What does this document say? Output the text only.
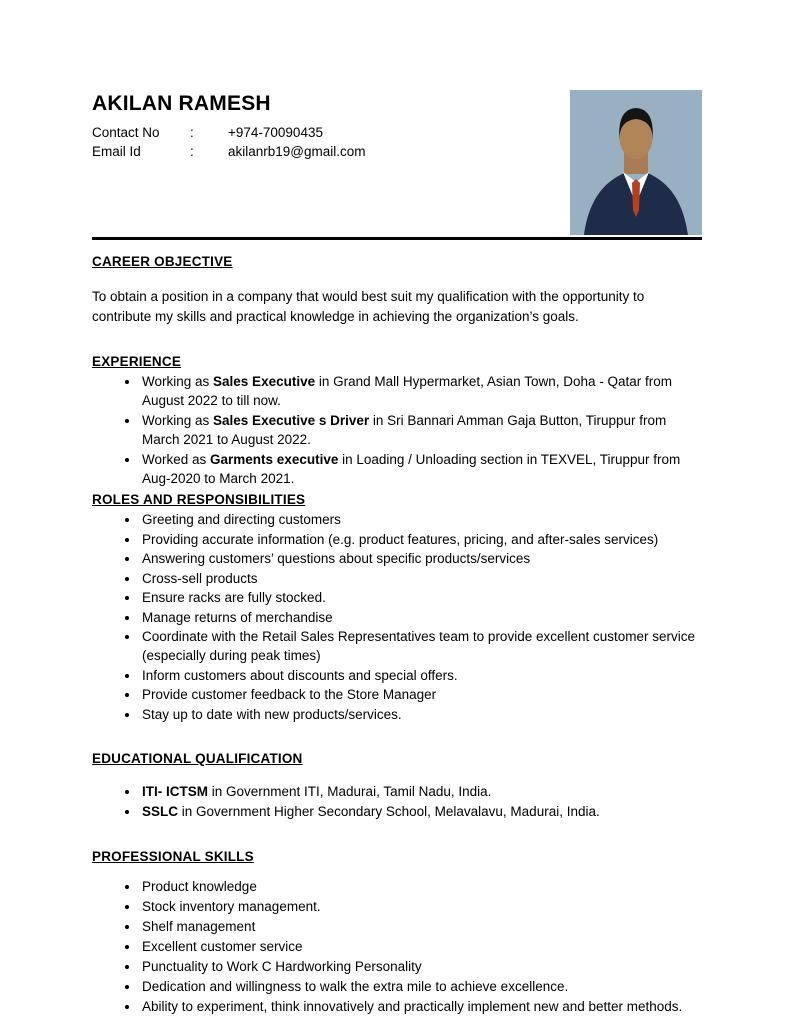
AKILAN RAMESH
Contact No	:	+974-70090435
Email Id	:	akilanrb19@gmail.com
CAREER OBJECTIVE

To obtain a position in a company that would best suit my qualification with the opportunity to contribute my skills and practical knowledge in achieving the organization’s goals.

EXPERIENCE
• Working as Sales Executive in Grand Mall Hypermarket, Asian Town, Doha - Qatar from August 2022 to till now.
• Working as Sales Executive s Driver in Sri Bannari Amman Gaja Button, Tiruppur from March 2021 to August 2022.
• Worked as Garments executive in Loading / Unloading section in TEXVEL, Tiruppur from Aug-2020 to March 2021.
ROLES AND RESPONSIBILITIES
• Greeting and directing customers
• Providing accurate information (e.g. product features, pricing, and after-sales services)
• Answering customers’ questions about specific products/services
• Cross-sell products
• Ensure racks are fully stocked.
• Manage returns of merchandise
• Coordinate with the Retail Sales Representatives team to provide excellent customer service (especially during peak times)
• Inform customers about discounts and special offers.
• Provide customer feedback to the Store Manager
• Stay up to date with new products/services.
EDUCATIONAL QUALIFICATION
• ITI- ICTSM in Government ITI, Madurai, Tamil Nadu, India.
• SSLC in Government Higher Secondary School, Melavalavu, Madurai, India.
PROFESSIONAL SKILLS
• Product knowledge
• Stock inventory management.
• Shelf management
• Excellent customer service
• Punctuality to Work C Hardworking Personality
• Dedication and willingness to walk the extra mile to achieve excellence.
• Ability to experiment, think innovatively and practically implement new and better methods.
